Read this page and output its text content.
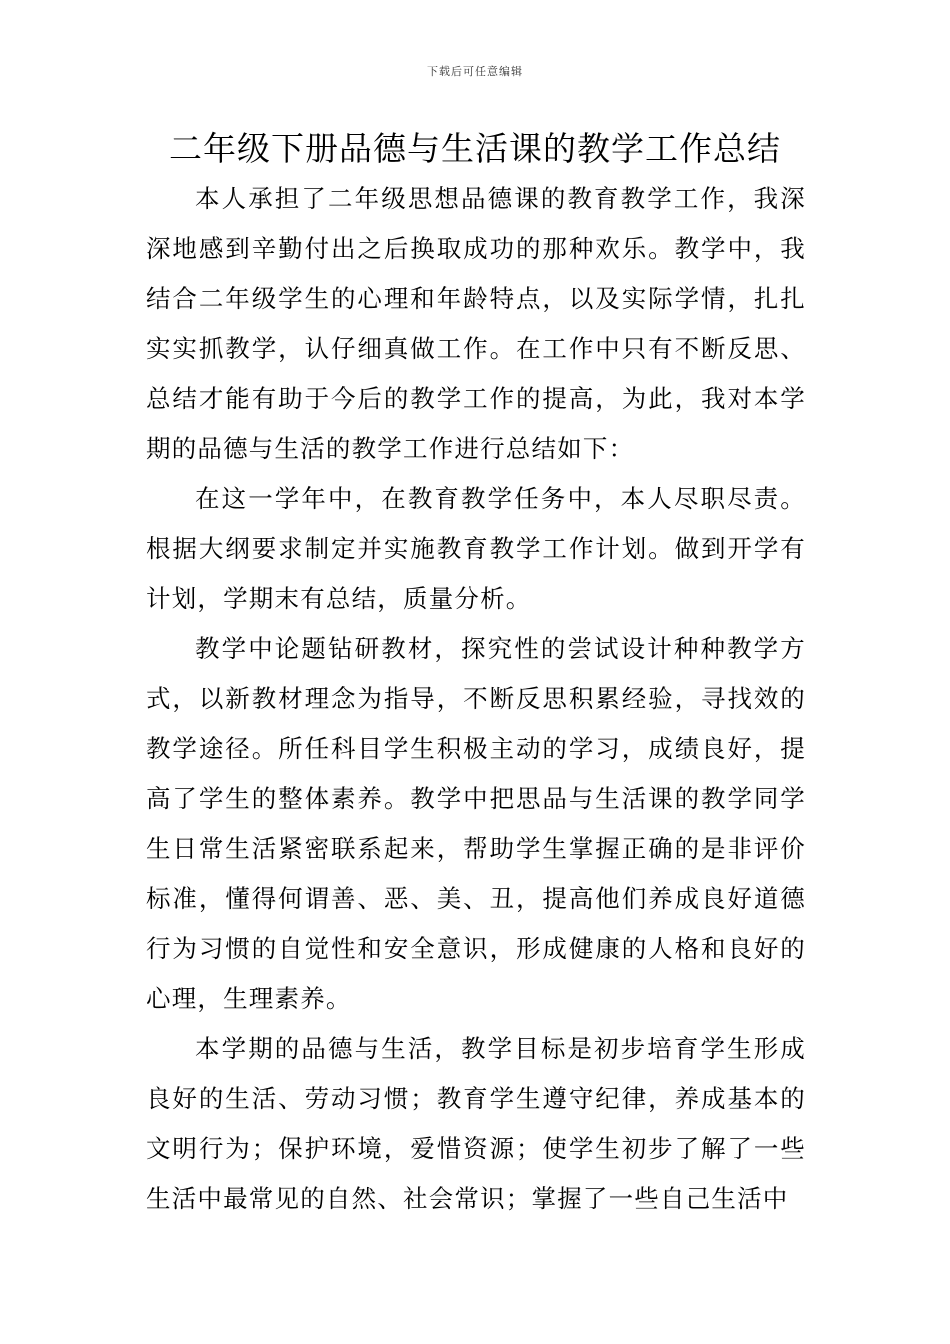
下载后可任意编辑
二年级下册品德与生活课的教学工作总结

本人承担了二年级思想品德课的教育教学工作，我深深地感到辛勤付出之后换取成功的那种欢乐。教学中，我结合二年级学生的心理和年龄特点，以及实际学情，扎扎实实抓教学，认仔细真做工作。在工作中只有不断反思、总结才能有助于今后的教学工作的提高，为此，我对本学期的品德与生活的教学工作进行总结如下：

在这一学年中，在教育教学任务中，本人尽职尽责。根据大纲要求制定并实施教育教学工作计划。做到开学有计划，学期末有总结，质量分析。

教学中论题钻研教材，探究性的尝试设计种种教学方式，以新教材理念为指导，不断反思积累经验，寻找效的教学途径。所任科目学生积极主动的学习，成绩良好，提高了学生的整体素养。教学中把思品与生活课的教学同学生日常生活紧密联系起来，帮助学生掌握正确的是非评价标准，懂得何谓善、恶、美、丑，提高他们养成良好道德行为习惯的自觉性和安全意识，形成健康的人格和良好的心理，生理素养。

本学期的品德与生活，教学目标是初步培育学生形成良好的生活、劳动习惯；教育学生遵守纪律，养成基本的文明行为；保护环境，爱惜资源；使学生初步了解了一些生活中最常见的自然、社会常识；掌握了一些自己生活中
